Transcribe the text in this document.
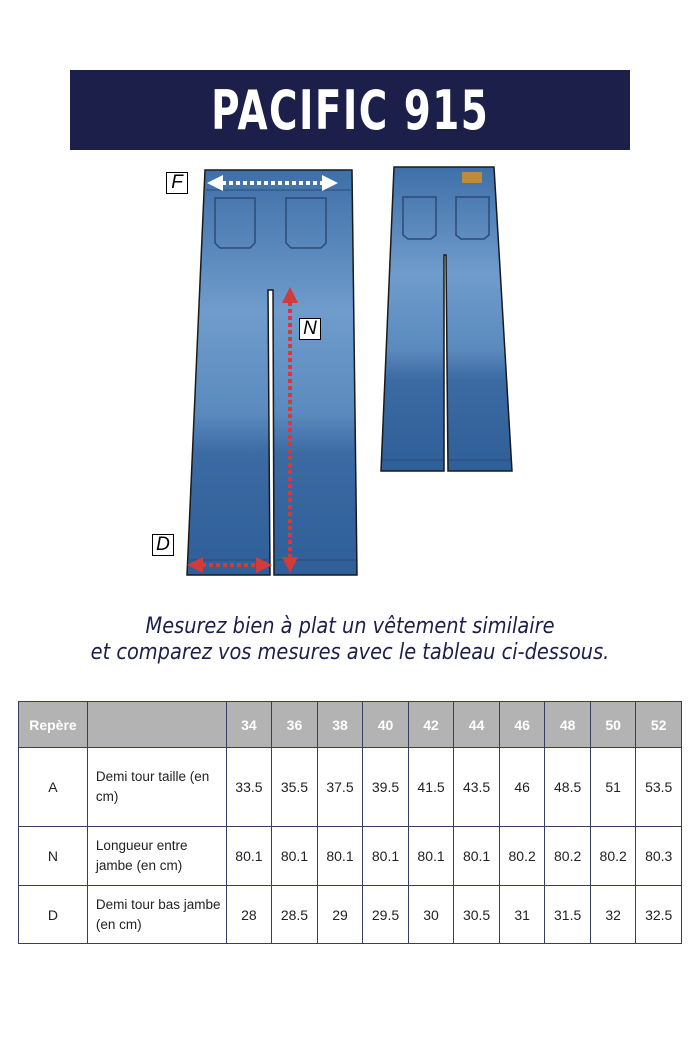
PACIFIC 915
F
N
D
Mesurez bien à plat un vêtement similaire
et comparez vos mesures avec le tableau ci-dessous.
Repère		34	36	38	40	42	44	46	48	50	52
A	Demi tour taille (en cm)	33.5	35.5	37.5	39.5	41.5	43.5	46	48.5	51	53.5
N	Longueur entre jambe (en cm)	80.1	80.1	80.1	80.1	80.1	80.1	80.2	80.2	80.2	80.3
D	Demi tour bas jambe (en cm)	28	28.5	29	29.5	30	30.5	31	31.5	32	32.5
